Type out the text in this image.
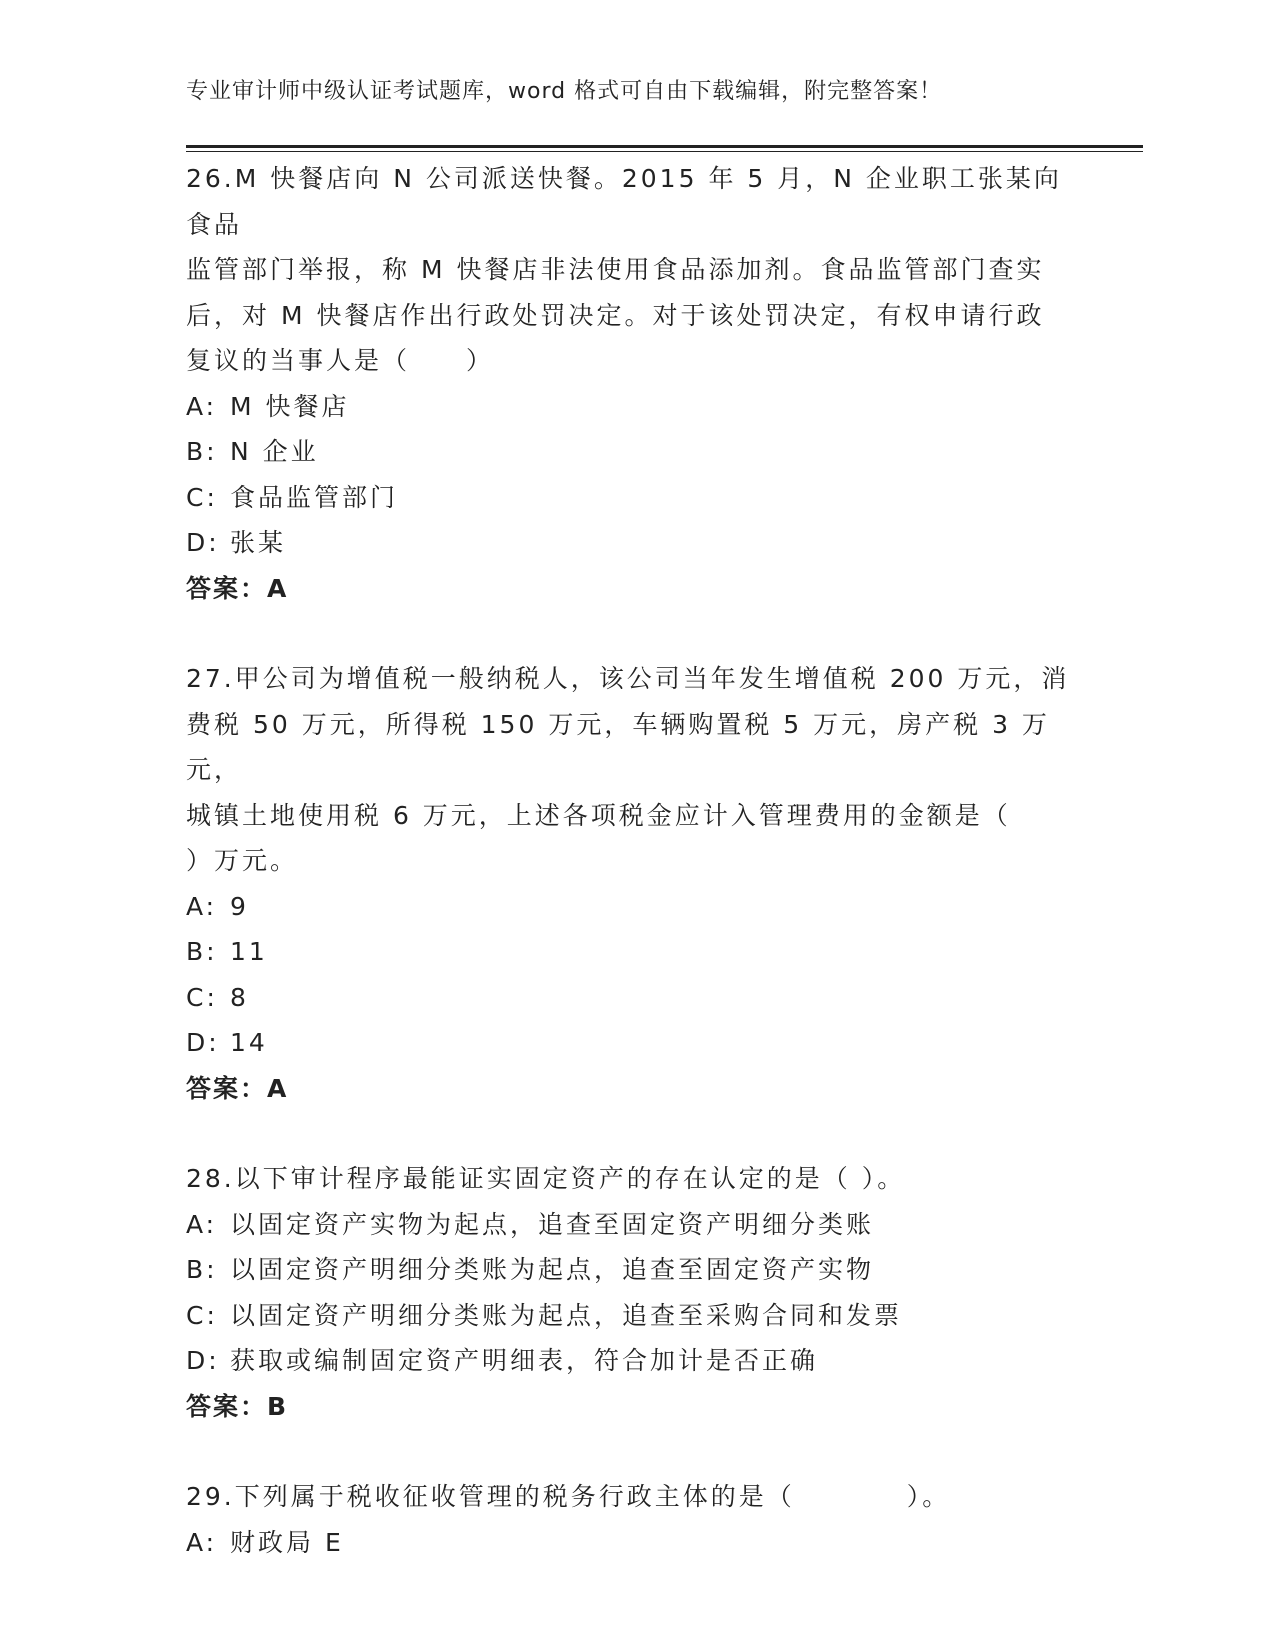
专业审计师中级认证考试题库，word 格式可自由下载编辑，附完整答案！
26.M 快餐店向 N 公司派送快餐。2015 年 5 月，N 企业职工张某向食品
监管部门举报，称 M 快餐店非法使用食品添加剂。食品监管部门查实
后，对 M 快餐店作出行政处罚决定。对于该处罚决定，有权申请行政
复议的当事人是（　　）
A: M 快餐店
B: N 企业
C: 食品监管部门
D: 张某
答案：A
27.甲公司为增值税一般纳税人，该公司当年发生增值税 200 万元，消
费税 50 万元，所得税 150 万元，车辆购置税 5 万元，房产税 3 万元，
城镇土地使用税 6 万元，上述各项税金应计入管理费用的金额是（
）万元。
A: 9
B: 11
C: 8
D: 14
答案：A
28.以下审计程序最能证实固定资产的存在认定的是（ ）。
A: 以固定资产实物为起点，追查至固定资产明细分类账
B: 以固定资产明细分类账为起点，追查至固定资产实物
C: 以固定资产明细分类账为起点，追查至采购合同和发票
D: 获取或编制固定资产明细表，符合加计是否正确
答案：B
29.下列属于税收征收管理的税务行政主体的是（　　　　）。
A: 财政局 E
